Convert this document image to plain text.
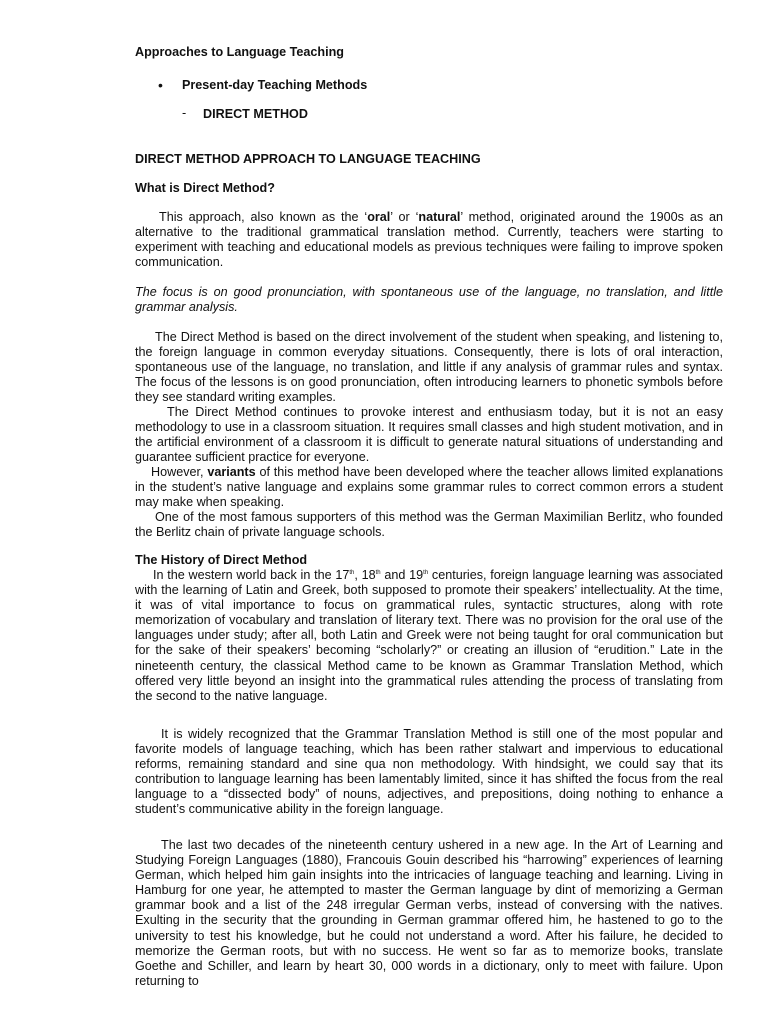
Approaches to Language Teaching
• Present-day Teaching Methods
- DIRECT METHOD
DIRECT METHOD APPROACH TO LANGUAGE TEACHING
What is Direct Method?
This approach, also known as the ‘oral’ or ‘natural’ method, originated around the 1900s as an alternative to the traditional grammatical translation method. Currently, teachers were starting to experiment with teaching and educational models as previous techniques were failing to improve spoken communication.
The focus is on good pronunciation, with spontaneous use of the language, no translation, and little grammar analysis.
The Direct Method is based on the direct involvement of the student when speaking, and listening to, the foreign language in common everyday situations. Consequently, there is lots of oral interaction, spontaneous use of the language, no translation, and little if any analysis of grammar rules and syntax. The focus of the lessons is on good pronunciation, often introducing learners to phonetic symbols before they see standard writing examples.
The Direct Method continues to provoke interest and enthusiasm today, but it is not an easy methodology to use in a classroom situation. It requires small classes and high student motivation, and in the artificial environment of a classroom it is difficult to generate natural situations of understanding and guarantee sufficient practice for everyone.
However, variants of this method have been developed where the teacher allows limited explanations in the student’s native language and explains some grammar rules to correct common errors a student may make when speaking.
One of the most famous supporters of this method was the German Maximilian Berlitz, who founded the Berlitz chain of private language schools.
The History of Direct Method
In the western world back in the 17th, 18th and 19th centuries, foreign language learning was associated with the learning of Latin and Greek, both supposed to promote their speakers’ intellectuality. At the time, it was of vital importance to focus on grammatical rules, syntactic structures, along with rote memorization of vocabulary and translation of literary text. There was no provision for the oral use of the languages under study; after all, both Latin and Greek were not being taught for oral communication but for the sake of their speakers’ becoming “scholarly?” or creating an illusion of “erudition.” Late in the nineteenth century, the classical Method came to be known as Grammar Translation Method, which offered very little beyond an insight into the grammatical rules attending the process of translating from the second to the native language.
It is widely recognized that the Grammar Translation Method is still one of the most popular and favorite models of language teaching, which has been rather stalwart and impervious to educational reforms, remaining standard and sine qua non methodology. With hindsight, we could say that its contribution to language learning has been lamentably limited, since it has shifted the focus from the real language to a “dissected body” of nouns, adjectives, and prepositions, doing nothing to enhance a student’s communicative ability in the foreign language.
The last two decades of the nineteenth century ushered in a new age. In the Art of Learning and Studying Foreign Languages (1880), Francouis Gouin described his “harrowing” experiences of learning German, which helped him gain insights into the intricacies of language teaching and learning. Living in Hamburg for one year, he attempted to master the German language by dint of memorizing a German grammar book and a list of the 248 irregular German verbs, instead of conversing with the natives. Exulting in the security that the grounding in German grammar offered him, he hastened to go to the university to test his knowledge, but he could not understand a word. After his failure, he decided to memorize the German roots, but with no success. He went so far as to memorize books, translate Goethe and Schiller, and learn by heart 30, 000 words in a dictionary, only to meet with failure. Upon returning to
